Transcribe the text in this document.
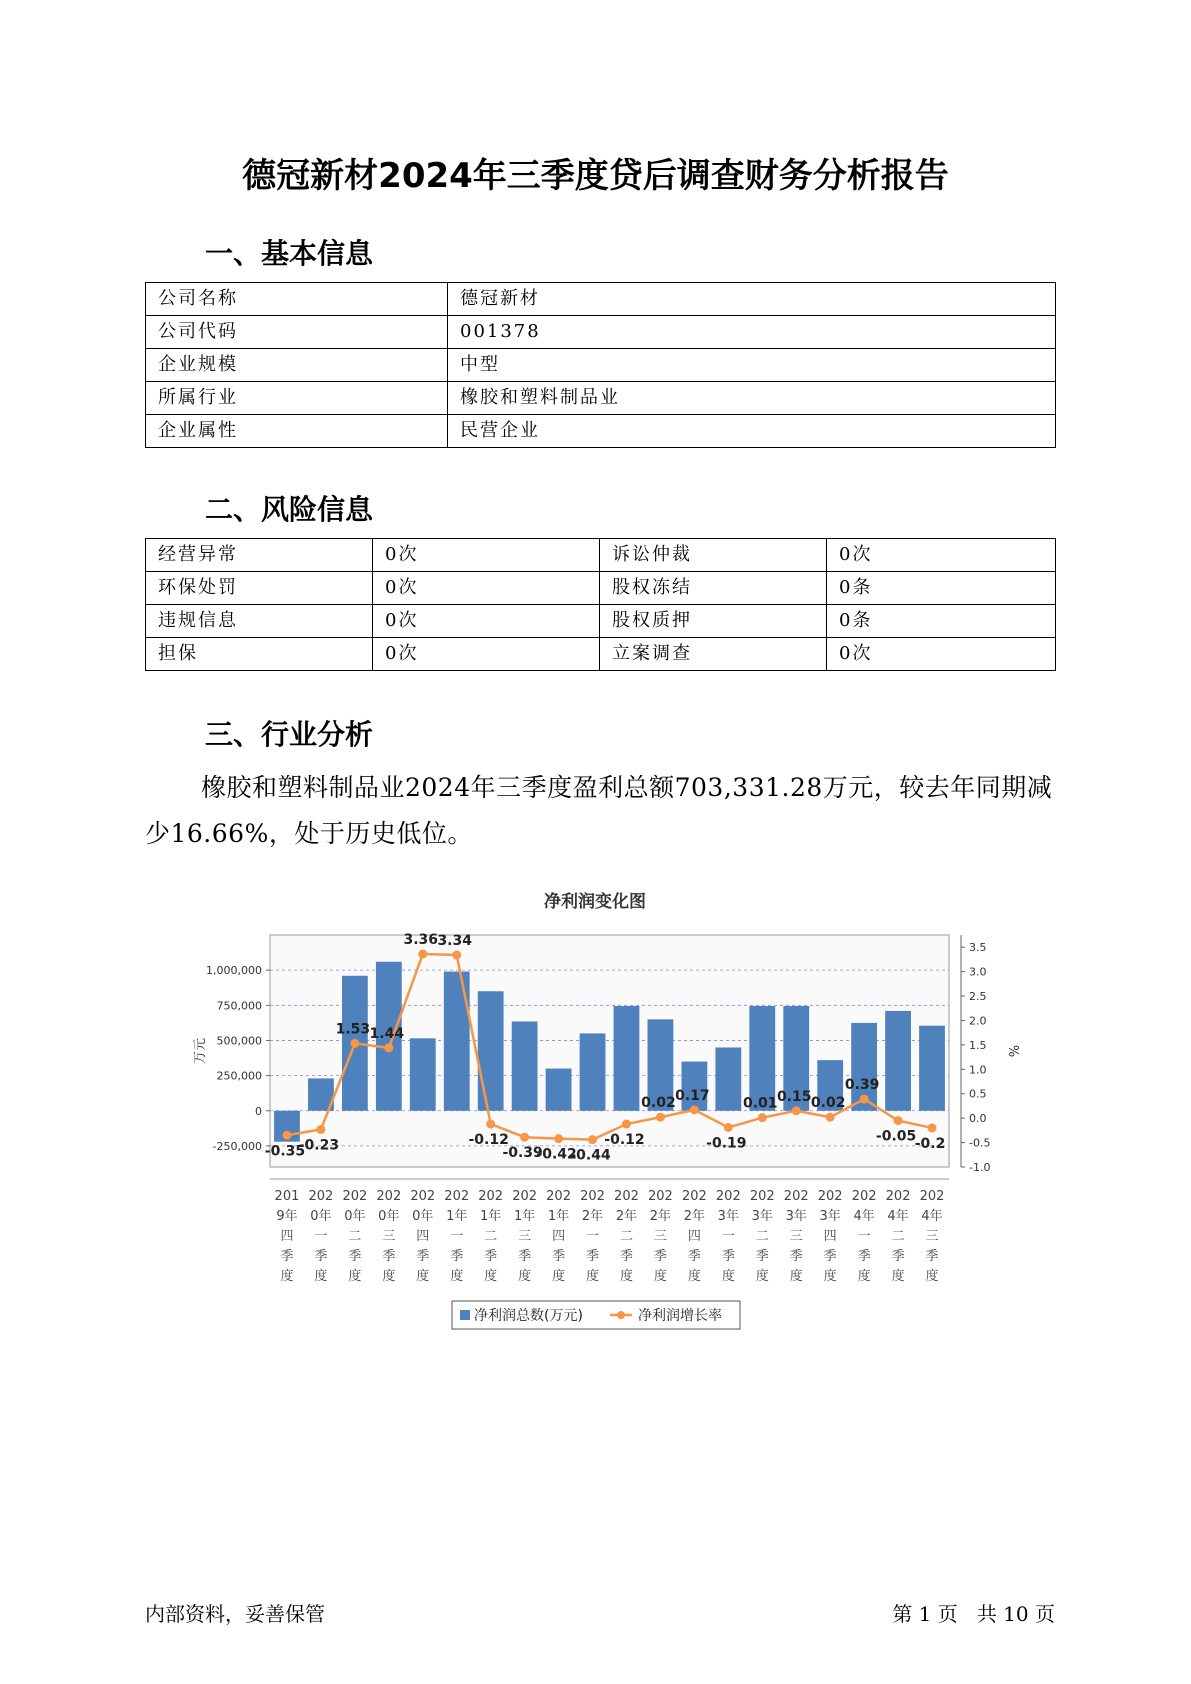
德冠新材2024年三季度贷后调查财务分析报告
一、基本信息
公司名称	德冠新材
公司代码	001378
企业规模	中型
所属行业	橡胶和塑料制品业
企业属性	民营企业
二、风险信息
经营异常	0次	诉讼仲裁	0次
环保处罚	0次	股权冻结	0条
违规信息	0次	股权质押	0条
担保	0次	立案调查	0次
三、行业分析
橡胶和塑料制品业2024年三季度盈利总额703,331.28万元，较去年同期减少16.66%，处于历史低位。
净利润变化图
-250,000
0
250,000
500,000
750,000
1,000,000
-1.0
-0.5
0.0
0.5
1.0
1.5
2.0
2.5
3.0
3.5
万元	%
-0.35
-0.23
1.53 1.44
3.36 3.34
-0.12
-0.39
-0.42
-0.44
-0.12
0.02 0.17
-0.19
0.01 0.15 0.02
0.39
-0.05
-0.2
201
9年
四
季
度
202
0年
一
季
度
202
0年
二
季
度
202
0年
三
季
度
202
0年
四
季
度
202
1年
一
季
度
202
1年
二
季
度
202
1年
三
季
度
202
1年
四
季
度
202
2年
一
季
度
202
2年
二
季
度
202
2年
三
季
度
202
2年
四
季
度
202
3年
一
季
度
202
3年
二
季
度
202
3年
三
季
度
202
3年
四
季
度
202
4年
一
季
度
202
4年
二
季
度
202
4年
三
季
度
净利润总数(万元)	净利润增长率
内部资料，妥善保管	第 1 页   共 10 页
